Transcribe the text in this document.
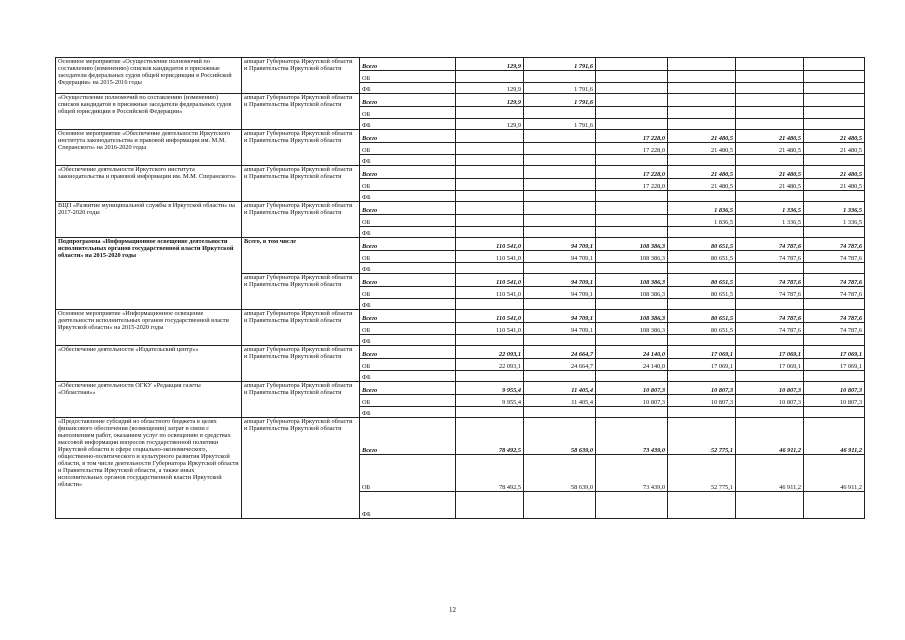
Основное мероприятие «Осуществление полномочий по составлению (изменению) списков кандидатов в присяжные заседатели федеральных судов общей юрисдикции в Российской Федерации» на 2015-2016 годы	аппарат Губернатора Иркутской области и Правительства Иркутской области	Всего	129,9	1 791,6				
		ОБ						
		ФБ	129,9	1 791,6				
«Осуществление полномочий по составлению (изменению) списков кандидатов в присяжные заседатели федеральных судов общей юрисдикции в Российской Федерации»	аппарат Губернатора Иркутской области и Правительства Иркутской области	Всего	129,9	1 791,6				
		ОБ						
		ФБ	129,9	1 791,6				
Основное мероприятие «Обеспечение деятельности Иркутского института законодательства и правовой информации им. М.М. Сперанского» на 2016-2020 годы	аппарат Губернатора Иркутской области и Правительства Иркутской области	Всего			17 228,0	21 480,5	21 480,5	21 480,5
		ОБ			17 228,0	21 480,5	21 480,5	21 480,5
		ФБ						
«Обеспечение деятельности Иркутского института законодательства и правовой информации им. М.М. Сперанского»	аппарат Губернатора Иркутской области и Правительства Иркутской области	Всего			17 228,0	21 480,5	21 480,5	21 480,5
		ОБ			17 228,0	21 480,5	21 480,5	21 480,5
		ФБ						
ВЦП «Развитие муниципальной службы в Иркутской области» на 2017-2020 годы	аппарат Губернатора Иркутской области и Правительства Иркутской области	Всего				1 836,5	1 336,5	1 336,5
		ОБ				1 836,5	1 336,5	1 336,5
		ФБ						
Подпрограмма «Информационное освещение деятельности исполнительных органов государственной власти Иркутской области» на 2015-2020 годы	Всего, в том числе	Всего	110 541,0	94 709,1	108 386,3	80 651,5	74 787,6	74 787,6
		ОБ	110 541,0	94 709,1	108 386,3	80 651,5	74 787,6	74 787,6
		ФБ						
	аппарат Губернатора Иркутской области и Правительства Иркутской области	Всего	110 541,0	94 709,1	108 386,3	80 651,5	74 787,6	74 787,6
		ОБ	110 541,0	94 709,1	108 386,3	80 651,5	74 787,6	74 787,6
		ФБ						
Основное мероприятие «Информационное освещение деятельности исполнительных органов государственной власти Иркутской области» на 2015-2020 годы	аппарат Губернатора Иркутской области и Правительства Иркутской области	Всего	110 541,0	94 709,1	108 386,3	80 651,5	74 787,6	74 787,6
		ОБ	110 541,0	94 709,1	108 386,3	80 651,5	74 787,6	74 787,6
		ФБ						
«Обеспечение деятельности «Издательский центр»»	аппарат Губернатора Иркутской области и Правительства Иркутской области	Всего	22 093,1	24 664,7	24 140,0	17 069,1	17 069,1	17 069,1
		ОБ	22 093,1	24 664,7	24 140,0	17 069,1	17 069,1	17 069,1
		ФБ						
«Обеспечение деятельности ОГКУ «Редакция газеты «Областная»»	аппарат Губернатора Иркутской области и Правительства Иркутской области	Всего	9 955,4	11 405,4	10 807,3	10 807,3	10 807,3	10 807,3
		ОБ	9 955,4	11 405,4	10 807,3	10 807,3	10 807,3	10 807,3
		ФБ						
«Предоставление субсидий из областного бюджета в целях финансового обеспечения (возмещения) затрат в связи с выполнением работ, оказанием услуг по освещению в средствах массовой информации вопросов государственной политики Иркутской области в сфере социально-экономического, общественно-политического и культурного развития Иркутской области, в том числе деятельности Губернатора Иркутской области и Правительства Иркутской области, а также иных исполнительных органов государственной власти Иркутской области»	аппарат Губернатора Иркутской области и Правительства Иркутской области	Всего	78 492,5	58 639,0	73 439,0	52 775,1	46 911,2	46 911,2
		ОБ	78 492,5	58 639,0	73 439,0	52 775,1	46 911,2	46 911,2
		ФБ						
12
